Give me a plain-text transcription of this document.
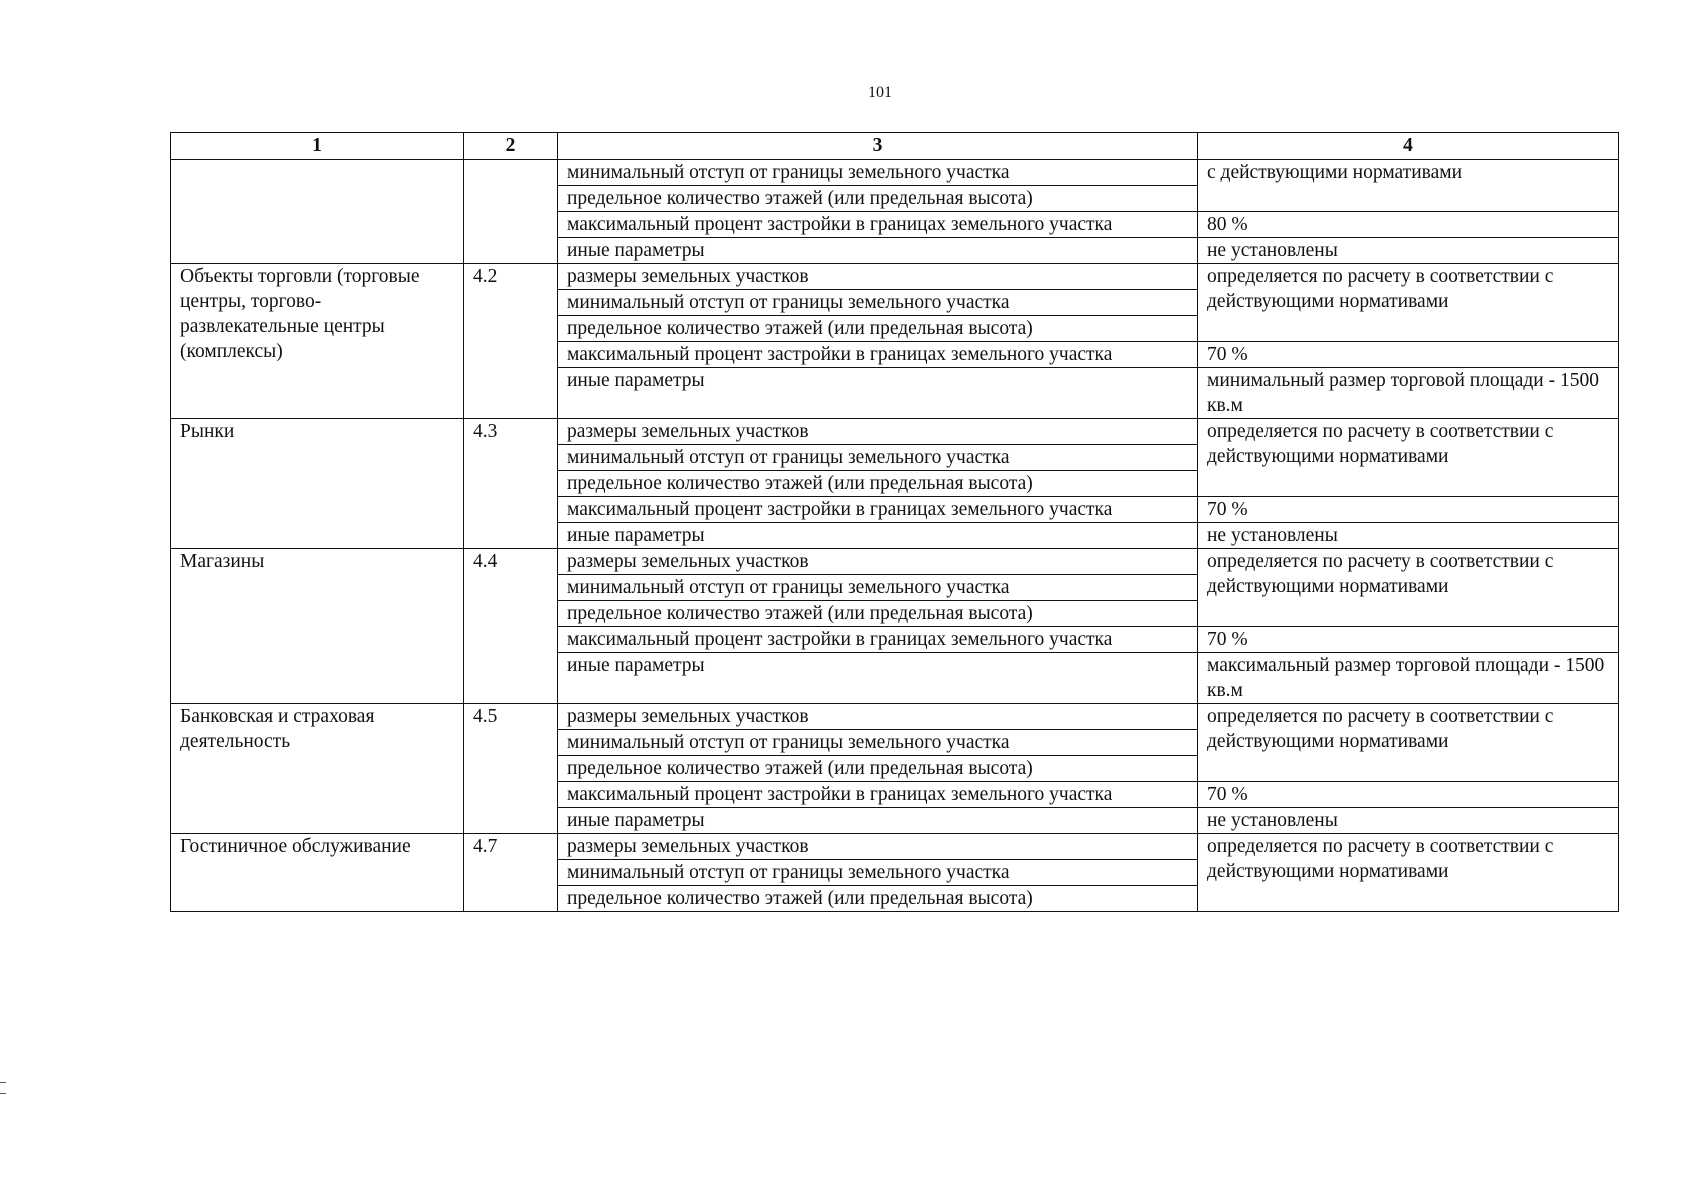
101
1	2	3	4
		минимальный отступ от границы земельного участка	с действующими нормативами
		предельное количество этажей (или предельная высота)	
		максимальный процент застройки в границах земельного участка	80 %
		иные параметры	не установлены
Объекты торговли (торговые центры, торгово-развлекательные центры (комплексы)	4.2	размеры земельных участков	определяется по расчету в соответствии с действующими нормативами
		минимальный отступ от границы земельного участка	
		предельное количество этажей (или предельная высота)	
		максимальный процент застройки в границах земельного участка	70 %
		иные параметры	минимальный размер торговой площади - 1500 кв.м
Рынки	4.3	размеры земельных участков	определяется по расчету в соответствии с действующими нормативами
		минимальный отступ от границы земельного участка	
		предельное количество этажей (или предельная высота)	
		максимальный процент застройки в границах земельного участка	70 %
		иные параметры	не установлены
Магазины	4.4	размеры земельных участков	определяется по расчету в соответствии с действующими нормативами
		минимальный отступ от границы земельного участка	
		предельное количество этажей (или предельная высота)	
		максимальный процент застройки в границах земельного участка	70 %
		иные параметры	максимальный размер торговой площади - 1500 кв.м
Банковская и страховая деятельность	4.5	размеры земельных участков	определяется по расчету в соответствии с действующими нормативами
		минимальный отступ от границы земельного участка	
		предельное количество этажей (или предельная высота)	
		максимальный процент застройки в границах земельного участка	70 %
		иные параметры	не установлены
Гостиничное обслуживание	4.7	размеры земельных участков	определяется по расчету в соответствии с действующими нормативами
		минимальный отступ от границы земельного участка	
		предельное количество этажей (или предельная высота)	
